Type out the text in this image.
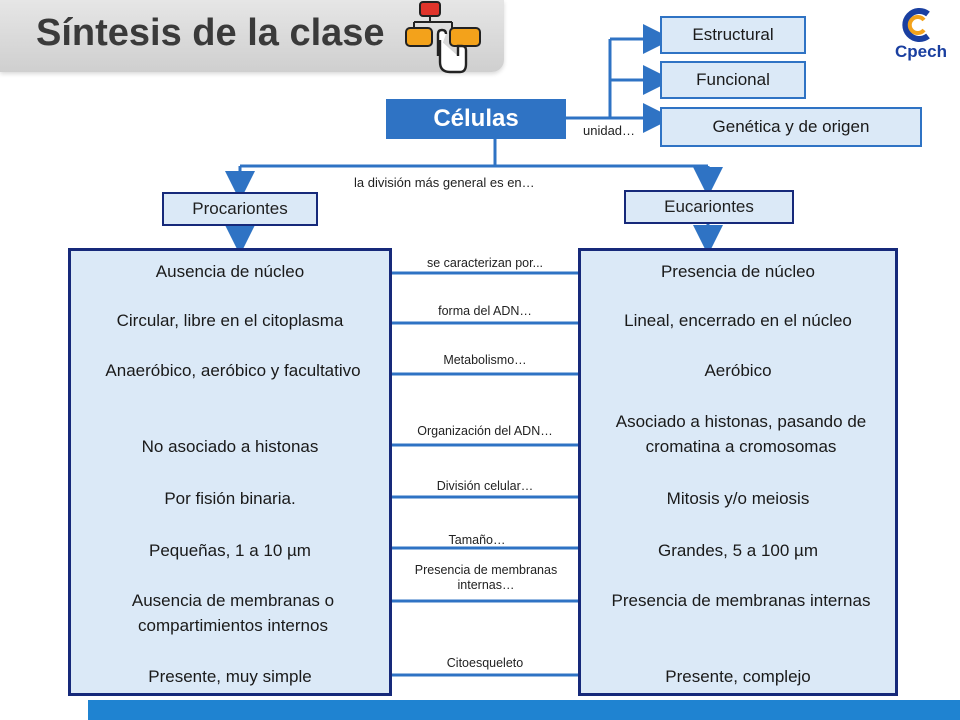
Síntesis de la clase	Cpech
Estructural
Funcional
Genética y de origen
unidad…
Células
la división más general es en…
Procariontes	Eucariontes
Ausencia de núcleo
Circular, libre en el citoplasma
Anaeróbico, aeróbico y facultativo
No asociado a histonas
Por fisión binaria.
Pequeñas, 1 a 10 µm
Ausencia de membranas o compartimientos internos
Presente, muy simple
Presencia de núcleo
Lineal, encerrado en el núcleo
Aeróbico
Asociado a histonas, pasando de cromatina a cromosomas
Mitosis y/o meiosis
Grandes, 5 a 100 µm
Presencia de membranas internas
Presente, complejo
se caracterizan por...
forma del ADN…
Metabolismo…
Organización del ADN…
División celular…
Tamaño…
Presencia de membranas internas…
Citoesqueleto
